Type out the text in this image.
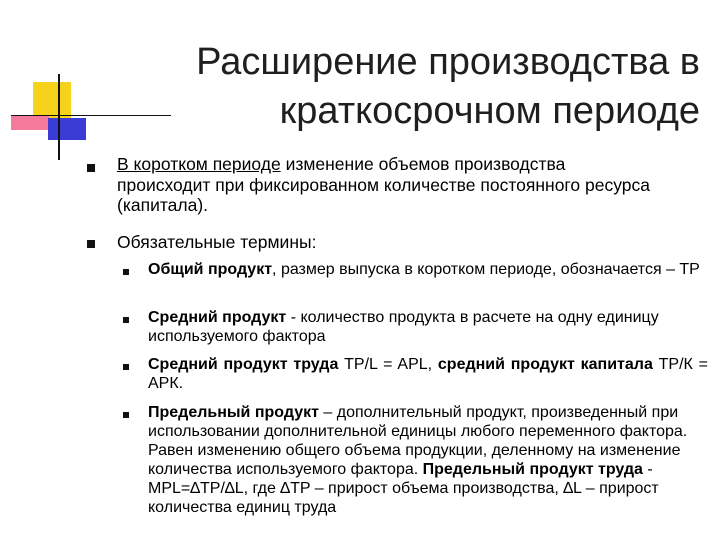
Расширение производства в
краткосрочном периоде
В коротком периоде изменение объемов производства происходит при фиксированном количестве постоянного ресурса (капитала).
Обязательные термины:
Общий продукт, размер выпуска в коротком периоде, обозначается – ТР
Средний продукт - количество продукта в расчете на одну единицу используемого фактора
Средний продукт труда ТР/L = APL, средний продукт капитала ТР/К = АРК.
Предельный продукт – дополнительный продукт, произведенный при использовании дополнительной единицы любого переменного фактора. Равен изменению общего объема продукции, деленному на изменение количества используемого фактора. Предельный продукт труда - MPL=∆TP/∆L, где ∆TP – прирост объема производства, ∆L – прирост количества единиц труда
